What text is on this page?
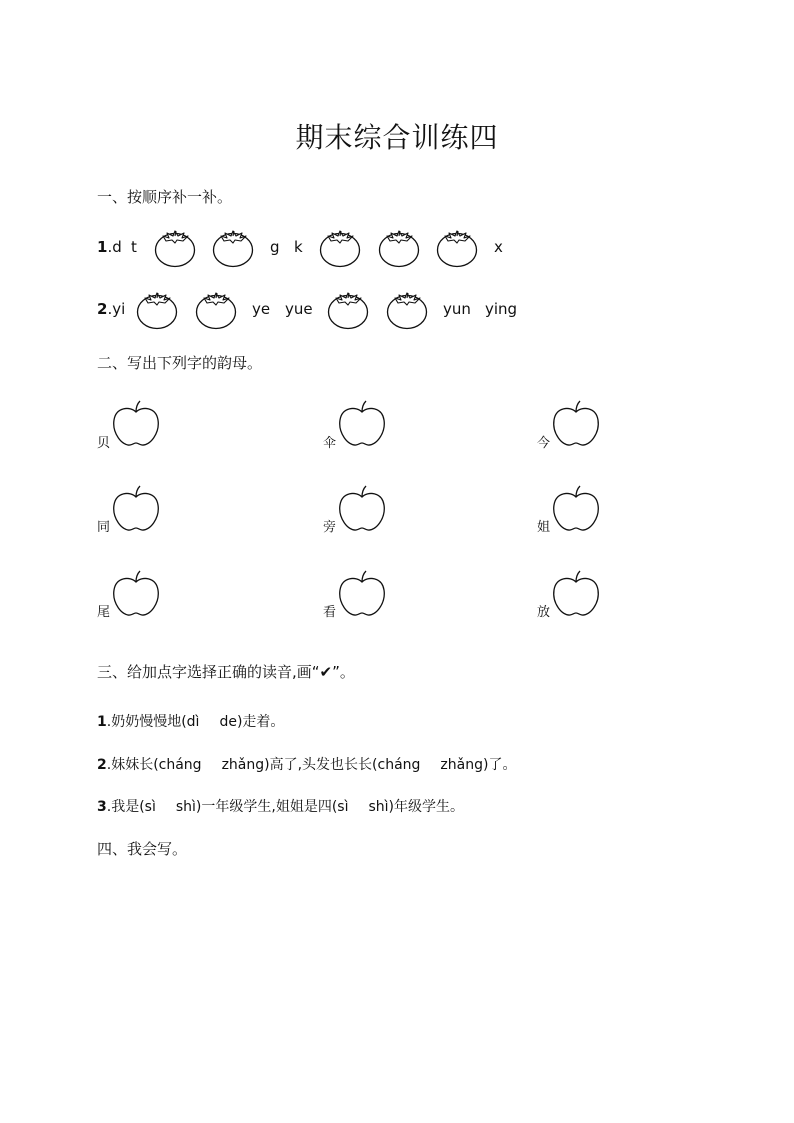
期末综合训练四
一、按顺序补一补。
1.d t	g k	x
2.yi	ye yue	yun ying
二、写出下列字的韵母。
贝	伞	今
同	旁	姐
尾	看	放
三、给加点字选择正确的读音,画“✔”。
1.奶奶慢慢地(dì de)走着。
2.妹妹长(cháng zhǎng)高了,头发也长长(cháng zhǎng)了。
3.我是(sì shì)一年级学生,姐姐是四(sì shì)年级学生。
四、我会写。
